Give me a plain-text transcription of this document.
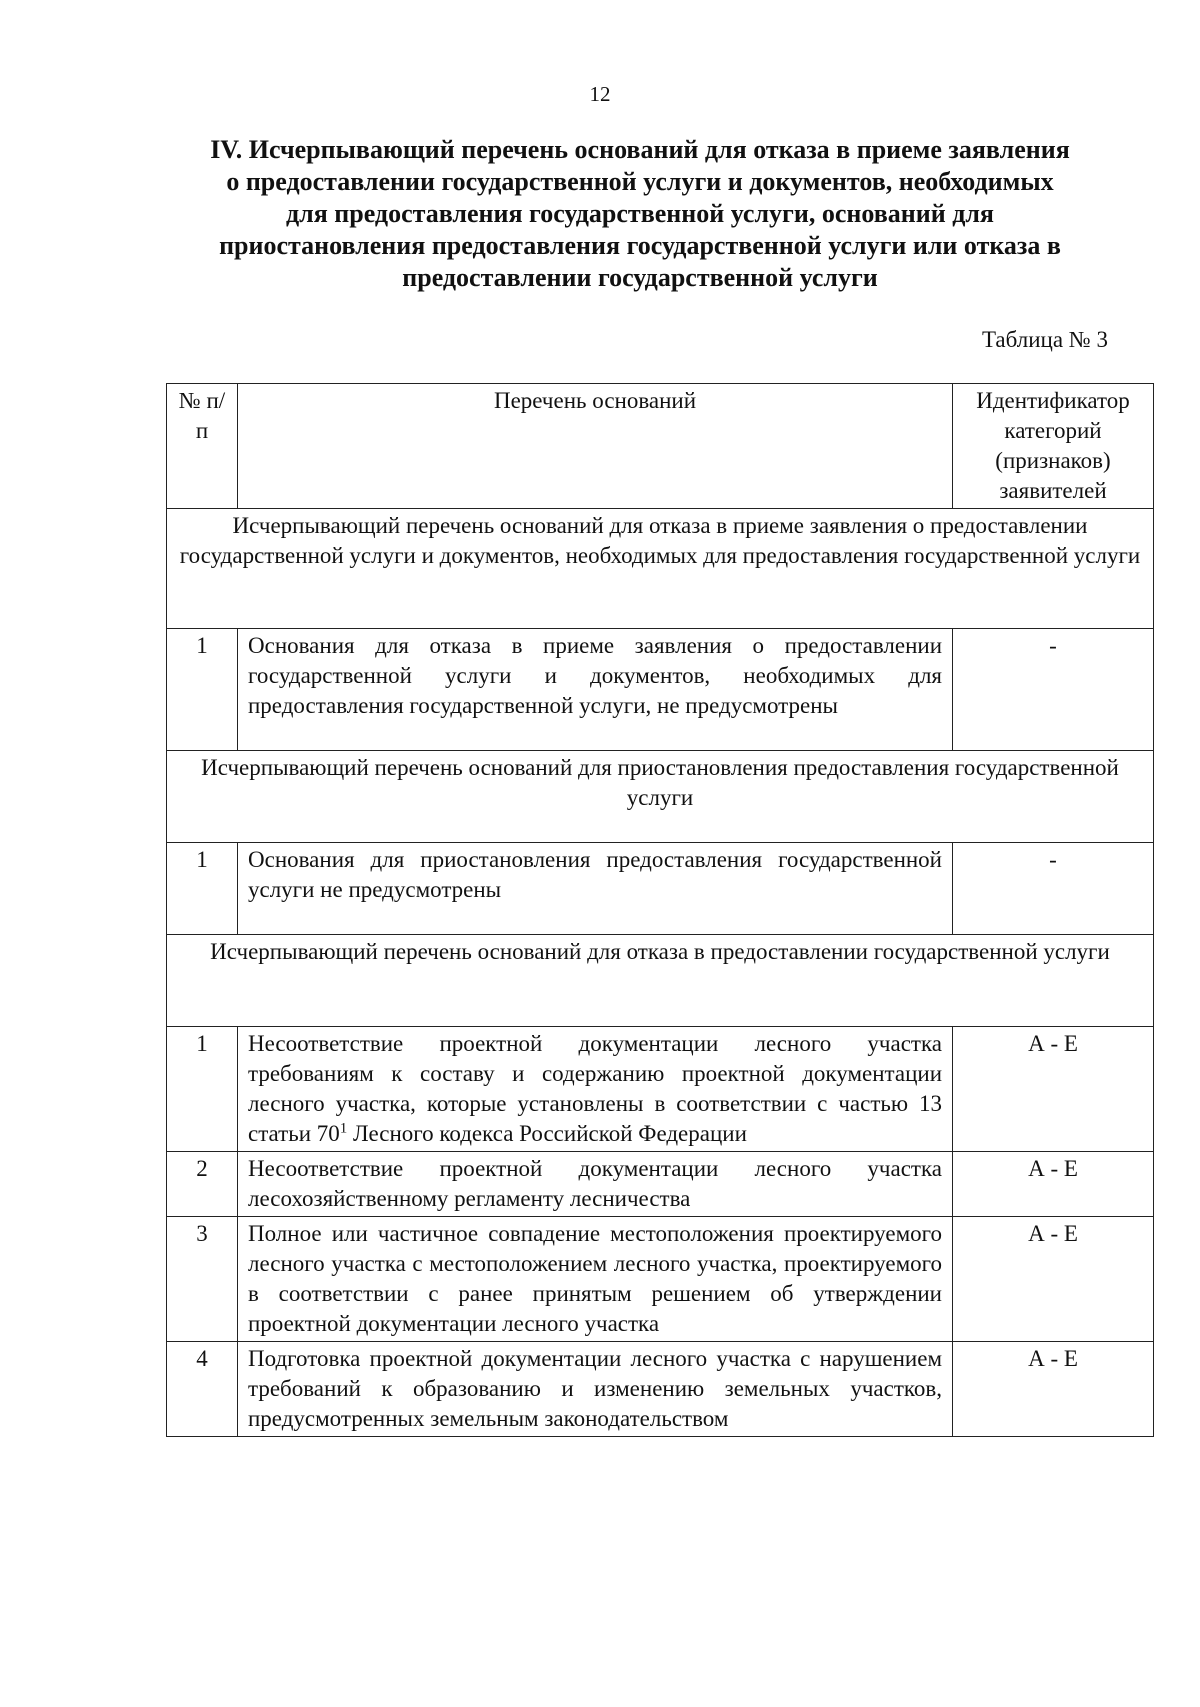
12
IV. Исчерпывающий перечень оснований для отказа в приеме заявления
о предоставлении государственной услуги и документов, необходимых
для предоставления государственной услуги, оснований для
приостановления предоставления государственной услуги или отказа в
предоставлении государственной услуги
Таблица № 3
№ п/п	Перечень оснований	Идентификатор категорий (признаков) заявителей
Исчерпывающий перечень оснований для отказа в приеме заявления о предоставлении государственной услуги и документов, необходимых для предоставления государственной услуги		
1	Основания для отказа в приеме заявления о предоставлении государственной услуги и документов, необходимых для предоставления государственной услуги, не предусмотрены	-
Исчерпывающий перечень оснований для приостановления предоставления государственной услуги		
1	Основания для приостановления предоставления государственной услуги не предусмотрены	-
Исчерпывающий перечень оснований для отказа в предоставлении государственной услуги		
1	Несоответствие проектной документации лесного участка требованиям к составу и содержанию проектной документации лесного участка, которые установлены в соответствии с частью 13 статьи $70^1$ Лесного кодекса Российской Федерации	А - Е
2	Несоответствие проектной документации лесного участка лесохозяйственному регламенту лесничества	А - Е
3	Полное или частичное совпадение местоположения проектируемого лесного участка с местоположением лесного участка, проектируемого в соответствии с ранее принятым решением об утверждении проектной документации лесного участка	А - Е
4	Подготовка проектной документации лесного участка с нарушением требований к образованию и изменению земельных участков, предусмотренных земельным законодательством	А - Е
